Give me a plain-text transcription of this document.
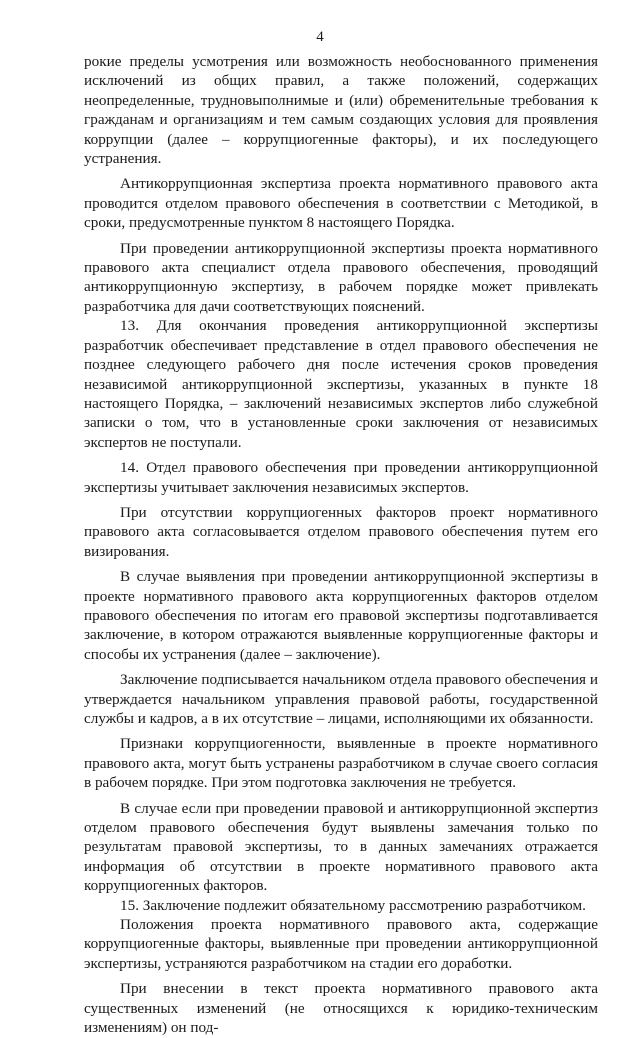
4

рокие пределы усмотрения или возможность необоснованного применения исключений из общих правил, а также положений, содержащих неопределенные, трудновыполнимые и (или) обременительные требования к гражданам и организациям и тем самым создающих условия для проявления коррупции (далее – коррупциогенные факторы), и их последующего устранения.

Антикоррупционная экспертиза проекта нормативного правового акта проводится отделом правового обеспечения в соответствии с Методикой, в сроки, предусмотренные пунктом 8 настоящего Порядка.

При проведении антикоррупционной экспертизы проекта нормативного правового акта специалист отдела правового обеспечения, проводящий антикоррупционную экспертизу, в рабочем порядке может привлекать разработчика для дачи соответствующих пояснений.

13. Для окончания проведения антикоррупционной экспертизы разработчик обеспечивает представление в отдел правового обеспечения не позднее следующего рабочего дня после истечения сроков проведения независимой антикоррупционной экспертизы, указанных в пункте 18 настоящего Порядка, – заключений независимых экспертов либо служебной записки о том, что в установленные сроки заключения от независимых экспертов не поступали.

14. Отдел правового обеспечения при проведении антикоррупционной экспертизы учитывает заключения независимых экспертов.

При отсутствии коррупциогенных факторов проект нормативного правового акта согласовывается отделом правового обеспечения путем его визирования.

В случае выявления при проведении антикоррупционной экспертизы в проекте нормативного правового акта коррупциогенных факторов отделом правового обеспечения по итогам его правовой экспертизы подготавливается заключение, в котором отражаются выявленные коррупциогенные факторы и способы их устранения (далее – заключение).

Заключение подписывается начальником отдела правового обеспечения и утверждается начальником управления правовой работы, государственной службы и кадров, а в их отсутствие – лицами, исполняющими их обязанности.

Признаки коррупциогенности, выявленные в проекте нормативного правового акта, могут быть устранены разработчиком в случае своего согласия в рабочем порядке. При этом подготовка заключения не требуется.

В случае если при проведении правовой и антикоррупционной экспертиз отделом правового обеспечения будут выявлены замечания только по результатам правовой экспертизы, то в данных замечаниях отражается информация об отсутствии в проекте нормативного правового акта коррупциогенных факторов.

15. Заключение подлежит обязательному рассмотрению разработчиком.

Положения проекта нормативного правового акта, содержащие коррупциогенные факторы, выявленные при проведении антикоррупционной экспертизы, устраняются разработчиком на стадии его доработки.

При внесении в текст проекта нормативного правового акта существенных изменений (не относящихся к юридико-техническим изменениям) он под-
